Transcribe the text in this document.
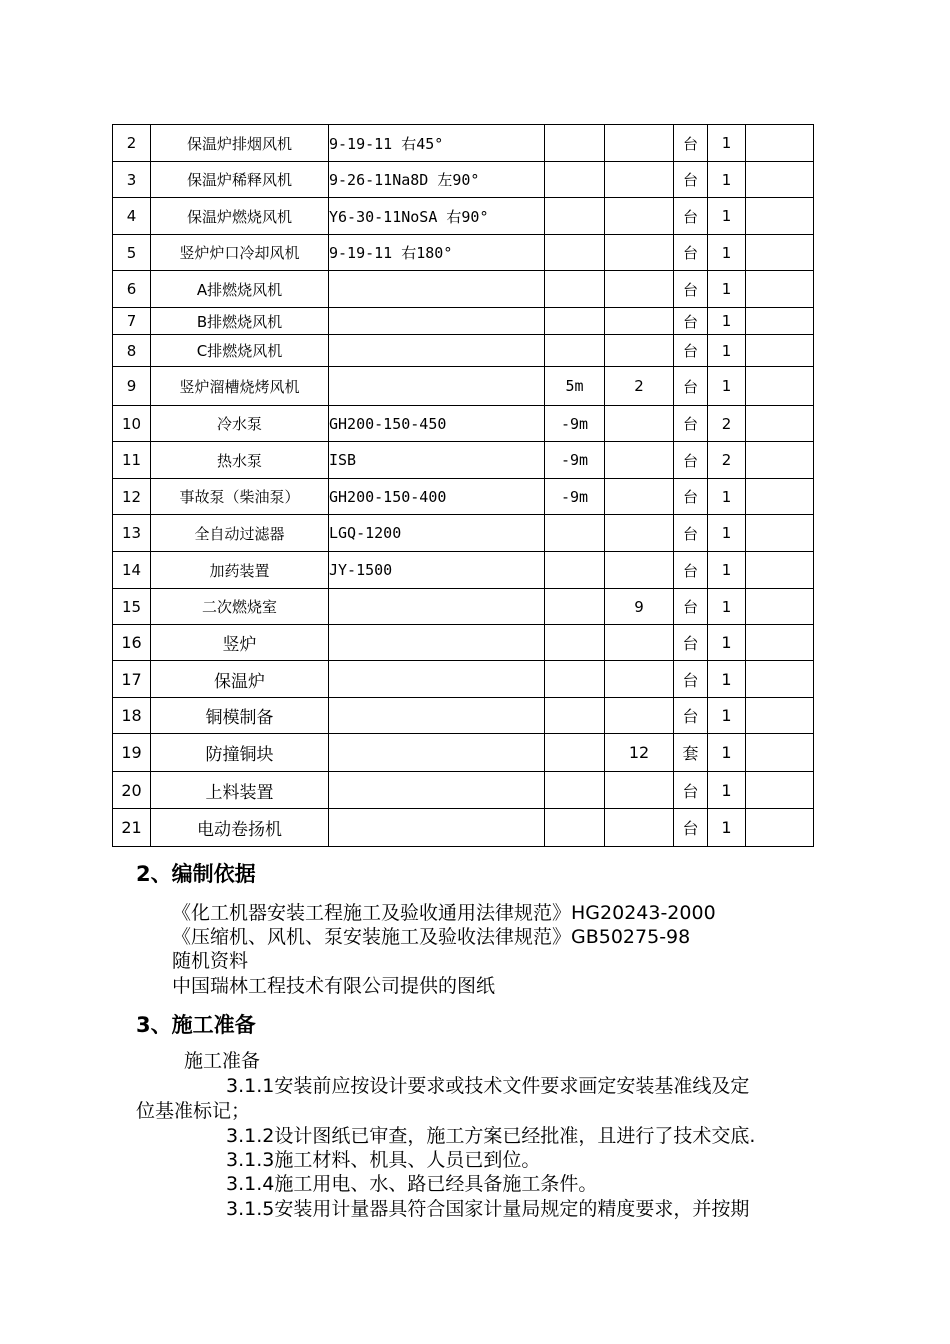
2	保温炉排烟风机	9-19-11 右45°			台	1	
3	保温炉稀释风机	9-26-11Na8D 左90°			台	1	
4	保温炉燃烧风机	Y6-30-11NoSA 右90°			台	1	
5	竖炉炉口冷却风机	9-19-11 右180°			台	1	
6	A排燃烧风机				台	1	
7	B排燃烧风机				台	1	
8	C排燃烧风机				台	1	
9	竖炉溜槽烧烤风机		5m	2	台	1	
10	冷水泵	GH200-150-450	-9m		台	2	
11	热水泵	ISB	-9m		台	2	
12	事故泵（柴油泵）	GH200-150-400	-9m		台	1	
13	全自动过滤器	LGQ-1200			台	1	
14	加药装置	JY-1500			台	1	
15	二次燃烧室			9	台	1	
16	竖炉				台	1	
17	保温炉				台	1	
18	铜模制备				台	1	
19	防撞铜块			12	套	1	
20	上料装置				台	1	
21	电动卷扬机				台	1	
2、编制依据
《化工机器安装工程施工及验收通用法律规范》HG20243-2000
《压缩机、风机、泵安装施工及验收法律规范》GB50275-98
随机资料
中国瑞林工程技术有限公司提供的图纸
3、施工准备
施工准备
3.1.1安装前应按设计要求或技术文件要求画定安装基准线及定
位基准标记；
3.1.2设计图纸已审查，施工方案已经批准，且进行了技术交底.
3.1.3施工材料、机具、人员已到位。
3.1.4施工用电、水、路已经具备施工条件。
3.1.5安装用计量器具符合国家计量局规定的精度要求，并按期
